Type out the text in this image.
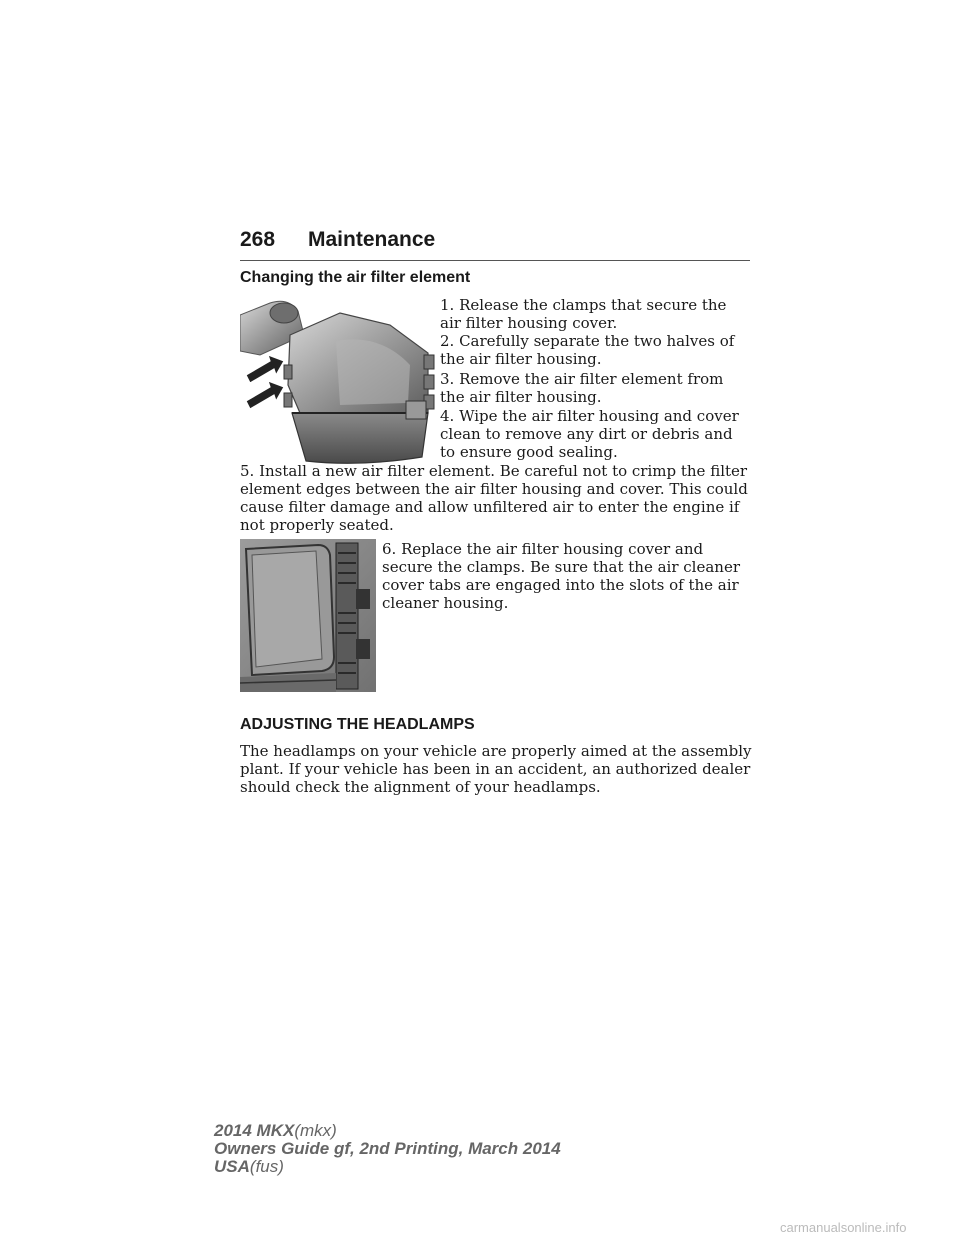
268 Maintenance
Changing the air filter element
1. Release the clamps that secure the air filter housing cover.
2. Carefully separate the two halves of the air filter housing.
3. Remove the air filter element from the air filter housing.
4. Wipe the air filter housing and cover clean to remove any dirt or debris and to ensure good sealing.
5. Install a new air filter element. Be careful not to crimp the filter element edges between the air filter housing and cover. This could cause filter damage and allow unfiltered air to enter the engine if not properly seated.
6. Replace the air filter housing cover and secure the clamps. Be sure that the air cleaner cover tabs are engaged into the slots of the air cleaner housing.
ADJUSTING THE HEADLAMPS
The headlamps on your vehicle are properly aimed at the assembly plant. If your vehicle has been in an accident, an authorized dealer should check the alignment of your headlamps.
2014 MKX(mkx)
Owners Guide gf, 2nd Printing, March 2014
USA(fus)
carmanualsonline.info
